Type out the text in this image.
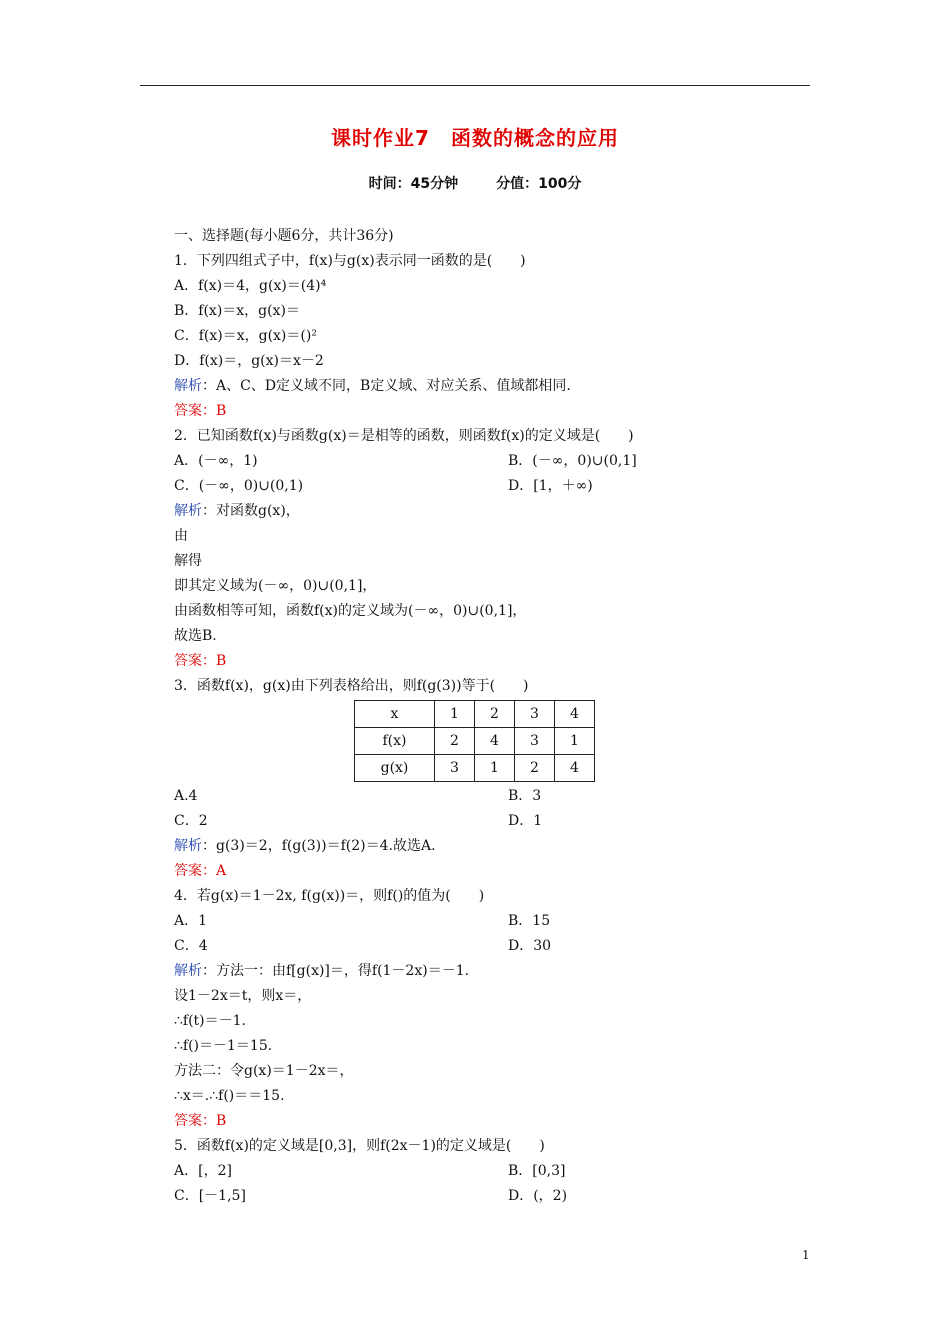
课时作业7　函数的概念的应用
时间：45分钟	分值：100分
一、选择题(每小题6分，共计36分)
1．下列四组式子中，f(x)与g(x)表示同一函数的是(　　)
A．f(x)＝4，g(x)＝(4)⁴
B．f(x)＝x，g(x)＝
C．f(x)＝x，g(x)＝()²
D．f(x)＝，g(x)＝x－2
解析：A、C、D定义域不同，B定义域、对应关系、值域都相同.
答案：B
2．已知函数f(x)与函数g(x)＝是相等的函数，则函数f(x)的定义域是(　　)
A．(－∞，1)	B．(－∞，0)∪(0,1]
C．(－∞，0)∪(0,1)	D．[1，＋∞)
解析：对函数g(x)，
由
解得
即其定义域为(－∞，0)∪(0,1]，
由函数相等可知，函数f(x)的定义域为(－∞，0)∪(0,1]，
故选B.
答案：B
3．函数f(x)，g(x)由下列表格给出，则f(g(3))等于(　　)
x	1	2	3	4
f(x)	2	4	3	1
g(x)	3	1	2	4
A.4	B．3
C．2	D．1
解析：g(3)＝2，f(g(3))＝f(2)＝4.故选A.
答案：A
4．若g(x)＝1－2x, f(g(x))＝，则f()的值为(　　)
A．1	B．15
C．4	D．30
解析：方法一：由f[g(x)]＝，得f(1－2x)＝－1.
设1－2x＝t，则x＝，
∴f(t)＝－1.
∴f()＝－1＝15.
方法二：令g(x)＝1－2x＝，
∴x＝.∴f()＝＝15.
答案：B
5．函数f(x)的定义域是[0,3]，则f(2x－1)的定义域是(　　)
A．[，2]	B．[0,3]
C．[－1,5]	D．(，2)
1
